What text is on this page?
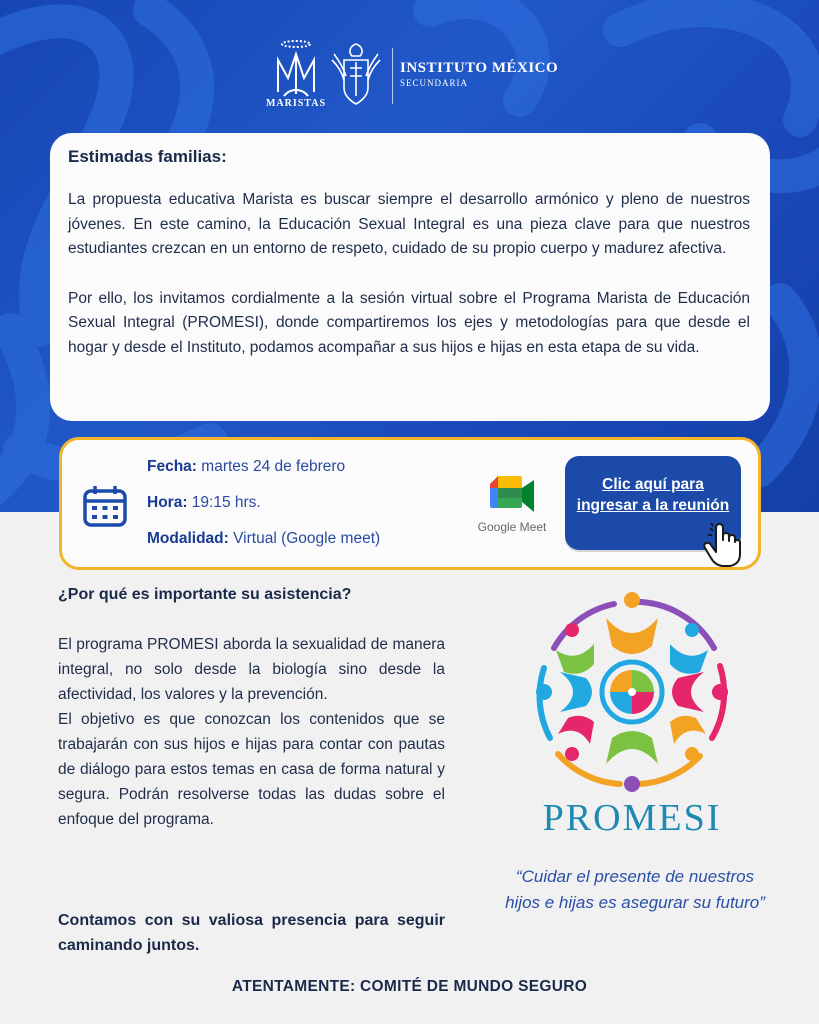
MARISTAS
INSTITUTO MÉXICO
SECUNDARIA
Estimadas familias:

La propuesta educativa Marista es buscar siempre el desarrollo armónico y pleno de nuestros jóvenes. En este camino, la Educación Sexual Integral es una pieza clave para que nuestros estudiantes crezcan en un entorno de respeto, cuidado de su propio cuerpo y madurez afectiva.

Por ello, los invitamos cordialmente a la sesión virtual sobre el Programa Marista de Educación Sexual Integral (PROMESI), donde compartiremos los ejes y metodologías para que desde el hogar y desde el Instituto, podamos acompañar a sus hijos e hijas en esta etapa de su vida.

Fecha: martes 24 de febrero
Hora: 19:15 hrs.
Modalidad: Virtual (Google meet)
Google Meet
Clic aquí para ingresar a la reunión
¿Por qué es importante su asistencia?

El programa PROMESI aborda la sexualidad de manera integral, no solo desde la biología sino desde la afectividad, los valores y la prevención.

El objetivo es que conozcan los contenidos que se trabajarán con sus hijos e hijas para contar con pautas de diálogo para estos temas en casa de forma natural y segura. Podrán resolverse todas las dudas sobre el enfoque del programa.

Contamos con su valiosa presencia para seguir caminando juntos.
PROMESI
“Cuidar el presente de nuestros hijos e hijas es asegurar su futuro”
ATENTAMENTE: COMITÉ DE MUNDO SEGURO
